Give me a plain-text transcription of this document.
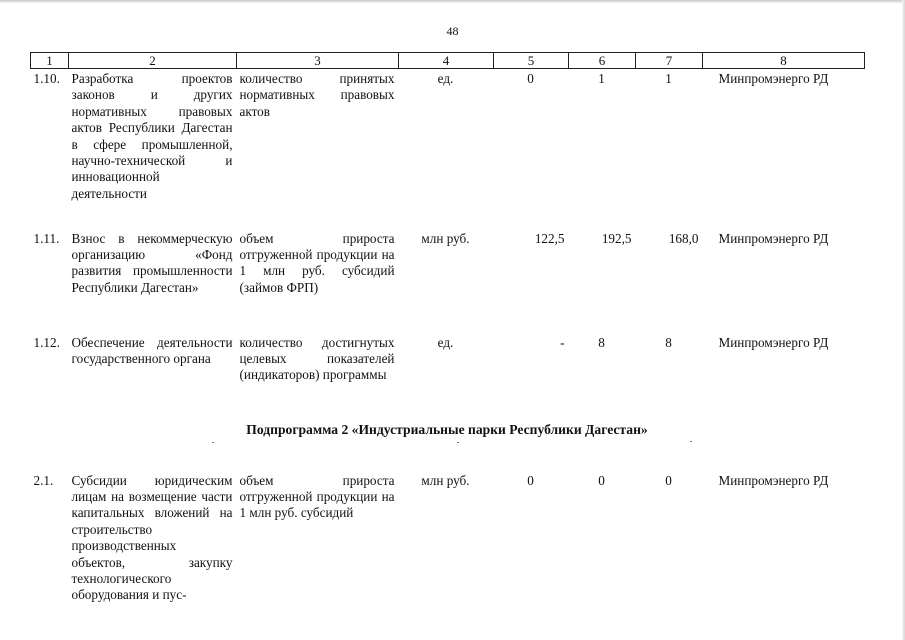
48
1	2	3	4	5	6	7	8
1.10.	Разработка проектов законов и других нормативных правовых актов Республики Дагестан в сфере промышленной, научно-технической и инновационной деятельности	количество принятых нормативных правовых актов	ед.	0	1	1	Минпромэнерго РД
1.11.	Взнос в некоммерческую организацию «Фонд развития промышленности Республики Дагестан»	объем прироста отгруженной продукции на 1 млн руб. субсидий (займов ФРП)	млн руб.	122,5	192,5	168,0	Минпромэнерго РД
1.12.	Обеспечение деятельности государственного органа	количество достигнутых целевых показателей (индикаторов) программы	ед.	-	8	8	Минпромэнерго РД

2.1.	Субсидии юридическим лицам на возмещение части капитальных вложений на строительство производственных объектов, закупку технологического оборудования и пус-	объем прироста отгруженной продукции на 1 млн руб. субсидий	млн руб.	0	0	0	Минпромэнерго РД
Подпрограмма 2 «Индустриальные парки Республики Дагестан»
